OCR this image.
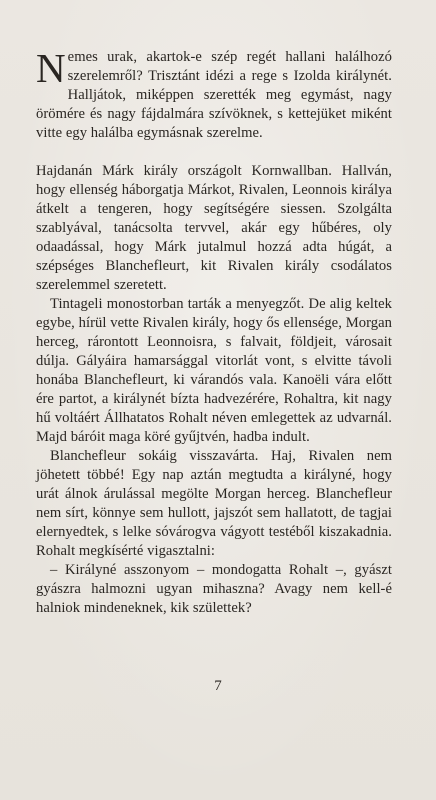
Nemes urak, akartok-e szép regét hallani halálhozó szerelemről? Trisztánt idézi a rege s Izolda királynét. Halljátok, miképpen szerették meg egymást, nagy örömére és nagy fájdalmára szívöknek, s kettejüket miként vitte egy halálba egymásnak szerelme.

Hajdanán Márk király országolt Kornwallban. Hallván, hogy ellenség háborgatja Márkot, Rivalen, Leonnois királya átkelt a tengeren, hogy segítségére siessen. Szolgálta szablyával, tanácsolta tervvel, akár egy hűbéres, oly odaadással, hogy Márk jutalmul hozzá adta húgát, a szépséges Blanchefleurt, kit Rivalen király csodálatos szerelemmel szeretett.

Tintageli monostorban tarták a menyegzőt. De alig keltek egybe, hírül vette Rivalen király, hogy ős ellensége, Morgan herceg, rárontott Leonnoisra, s falvait, földjeit, városait dúlja. Gályáira hamarsággal vitorlát vont, s elvitte távoli honába Blanchefleurt, ki várandós vala. Kanoëli vára előtt ére partot, a királynét bízta hadvezérére, Rohaltra, kit nagy hű voltáért Állhatatos Rohalt néven emlegettek az udvarnál. Majd báróit maga köré gyűjtvén, hadba indult.

Blanchefleur sokáig visszavárta. Haj, Rivalen nem jöhetett többé! Egy nap aztán megtudta a királyné, hogy urát álnok árulással megölte Morgan herceg. Blanchefleur nem sírt, könnye sem hullott, jajszót sem hallatott, de tagjai elernyedtek, s lelke sóvárogva vágyott testéből kiszakadnia. Rohalt megkísérté vigasztalni:

– Királyné asszonyom – mondogatta Rohalt –, gyászt gyászra halmozni ugyan mihaszna? Avagy nem kell-é halniok mindeneknek, kik születtek?

7
